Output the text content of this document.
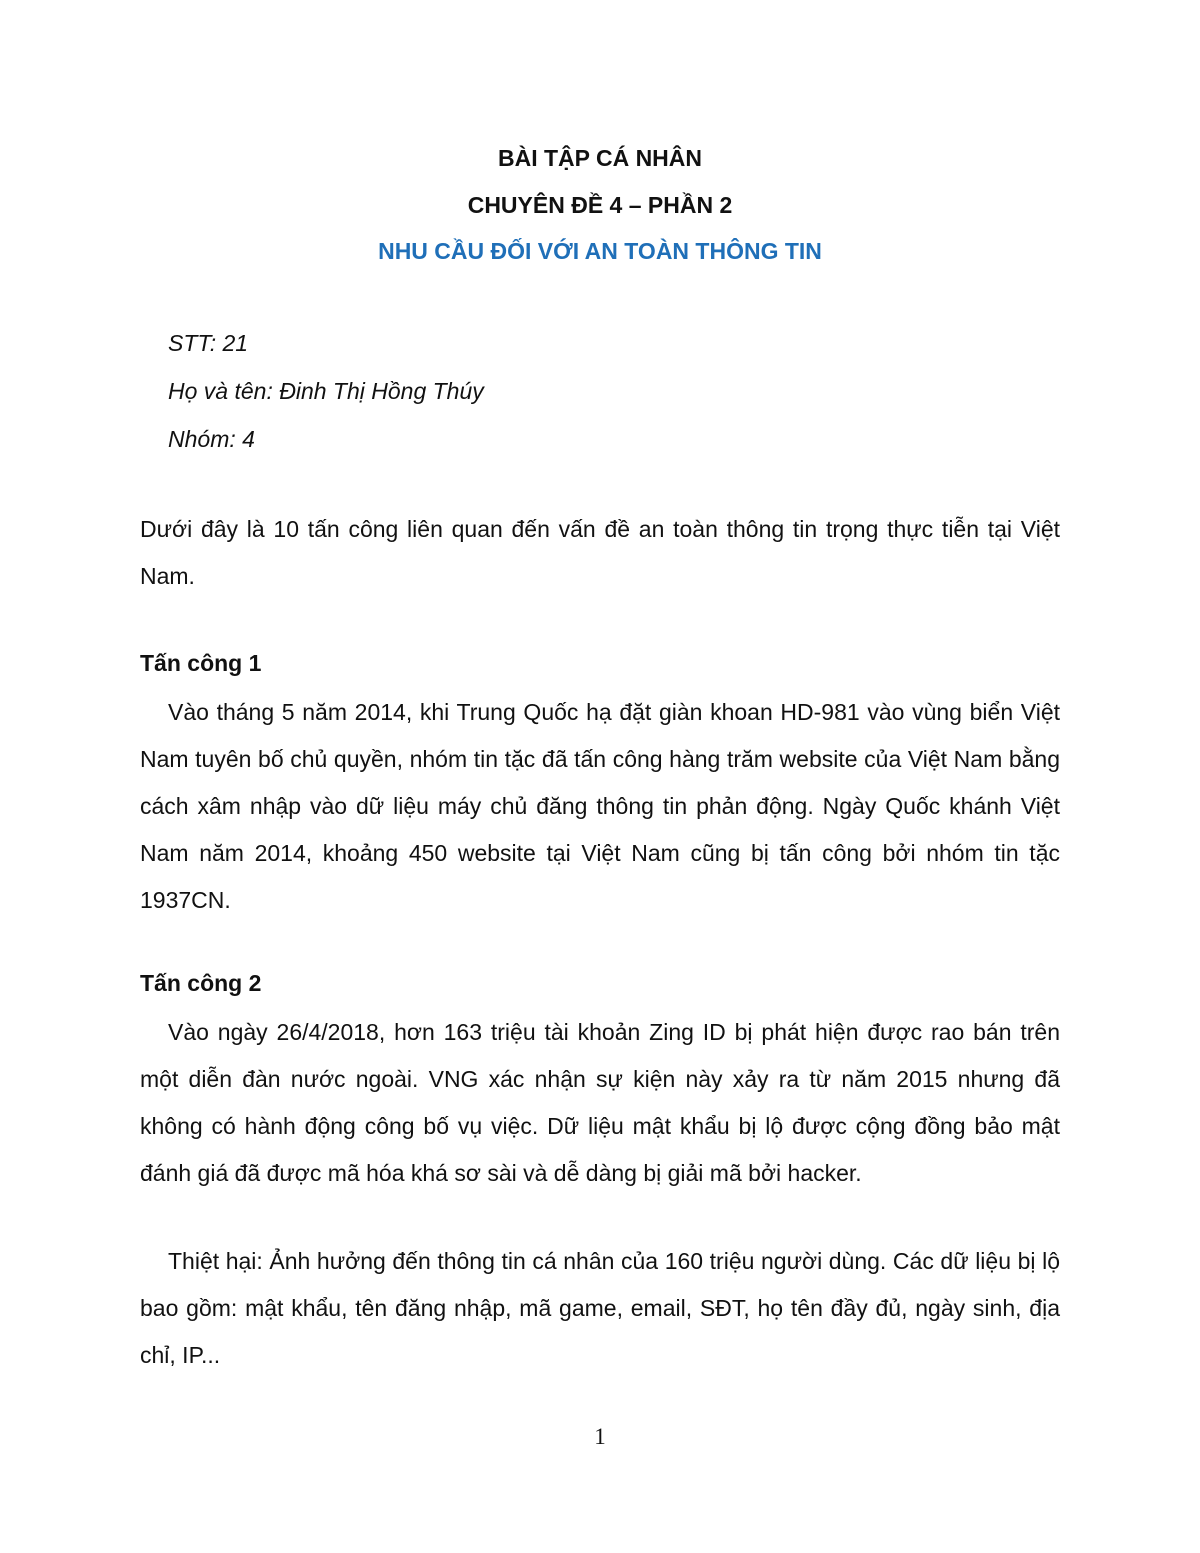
BÀI TẬP CÁ NHÂN

CHUYÊN ĐỀ 4 – PHẦN 2

NHU CẦU ĐỐI VỚI AN TOÀN THÔNG TIN

STT: 21

Họ và tên: Đinh Thị Hồng Thúy

Nhóm: 4

Dưới đây là 10 tấn công liên quan đến vấn đề an toàn thông tin trọng thực tiễn tại Việt Nam.

Tấn công 1

Vào tháng 5 năm 2014, khi Trung Quốc hạ đặt giàn khoan HD-981 vào vùng biển Việt Nam tuyên bố chủ quyền, nhóm tin tặc đã tấn công hàng trăm website của Việt Nam bằng cách xâm nhập vào dữ liệu máy chủ đăng thông tin phản động. Ngày Quốc khánh Việt Nam năm 2014, khoảng 450 website tại Việt Nam cũng bị tấn công bởi nhóm tin tặc 1937CN.

Tấn công 2

Vào ngày 26/4/2018, hơn 163 triệu tài khoản Zing ID bị phát hiện được rao bán trên một diễn đàn nước ngoài. VNG xác nhận sự kiện này xảy ra từ năm 2015 nhưng đã không có hành động công bố vụ việc. Dữ liệu mật khẩu bị lộ được cộng đồng bảo mật đánh giá đã được mã hóa khá sơ sài và dễ dàng bị giải mã bởi hacker.

Thiệt hại: Ảnh hưởng đến thông tin cá nhân của 160 triệu người dùng. Các dữ liệu bị lộ bao gồm: mật khẩu, tên đăng nhập, mã game, email, SĐT, họ tên đầy đủ, ngày sinh, địa chỉ, IP...

1
